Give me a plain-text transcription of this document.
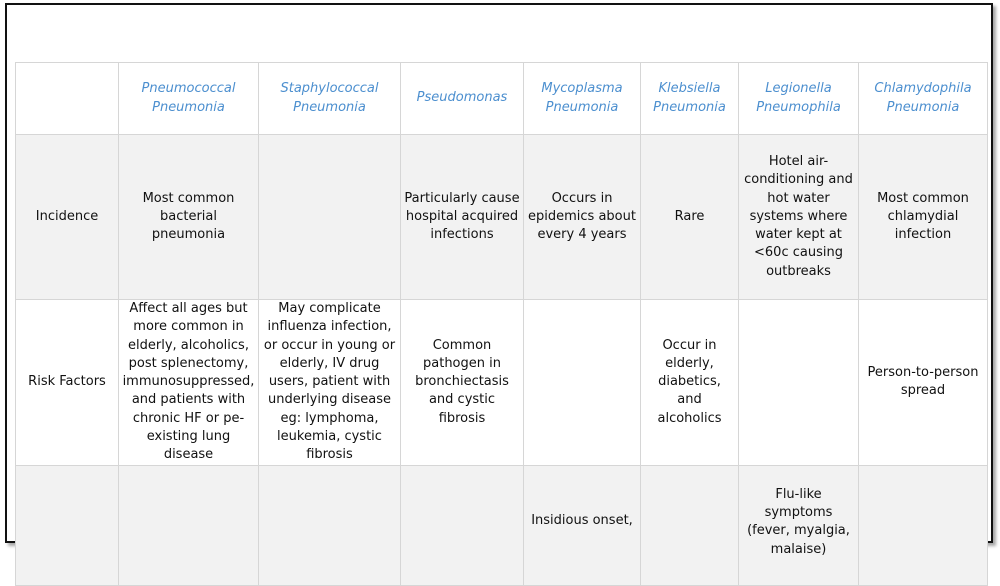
	Pneumococcal Pneumonia	Staphylococcal Pneumonia	Pseudomonas	Mycoplasma Pneumonia	Klebsiella Pneumonia	Legionella Pneumophila	Chlamydophila Pneumonia
Incidence	Most common bacterial pneumonia		Particularly cause hospital acquired infections	Occurs in epidemics about every 4 years	Rare	Hotel air-conditioning and hot water systems where water kept at <60c causing outbreaks	Most common chlamydial infection
Risk Factors	Affect all ages but more common in elderly, alcoholics, post splenectomy, immunosuppressed, and patients with chronic HF or pe-existing lung disease	May complicate influenza infection, or occur in young or elderly, IV drug users, patient with underlying disease eg: lymphoma, leukemia, cystic fibrosis	Common pathogen in bronchiectasis and cystic fibrosis		Occur in elderly, diabetics, and alcoholics		Person-to-person spread
				Insidious onset,		Flu-like symptoms (fever, myalgia, malaise)	
